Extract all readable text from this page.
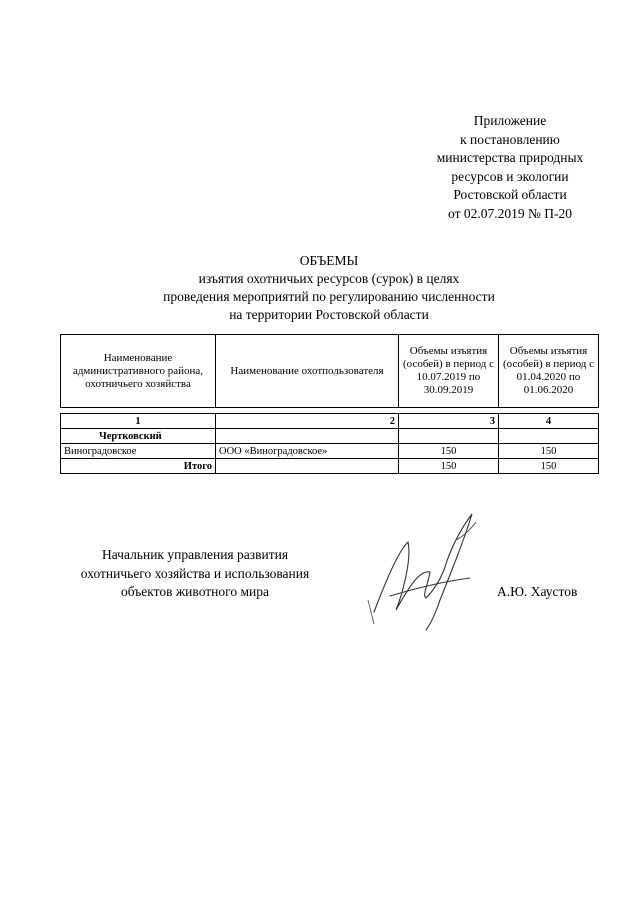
Приложение
к постановлению
министерства природных
ресурсов и экологии
Ростовской области
от 02.07.2019 № П-20
ОБЪЕМЫ
изъятия охотничьих ресурсов (сурок) в целях
проведения мероприятий по регулированию численности
на территории Ростовской области
Наименование административного района, охотничьего хозяйства	Наименование охотпользователя	Объемы изъятия (особей) в период с 10.07.2019 по 30.09.2019	Объемы изъятия (особей) в период с 01.04.2020 по 01.06.2020

1	2	3	4
Чертковский			
Виноградовское	ООО «Виноградовское»	150	150
Итого		150	150
Начальник управления развития
охотничьего хозяйства и использования
объектов животного мира	А.Ю. Хаустов
